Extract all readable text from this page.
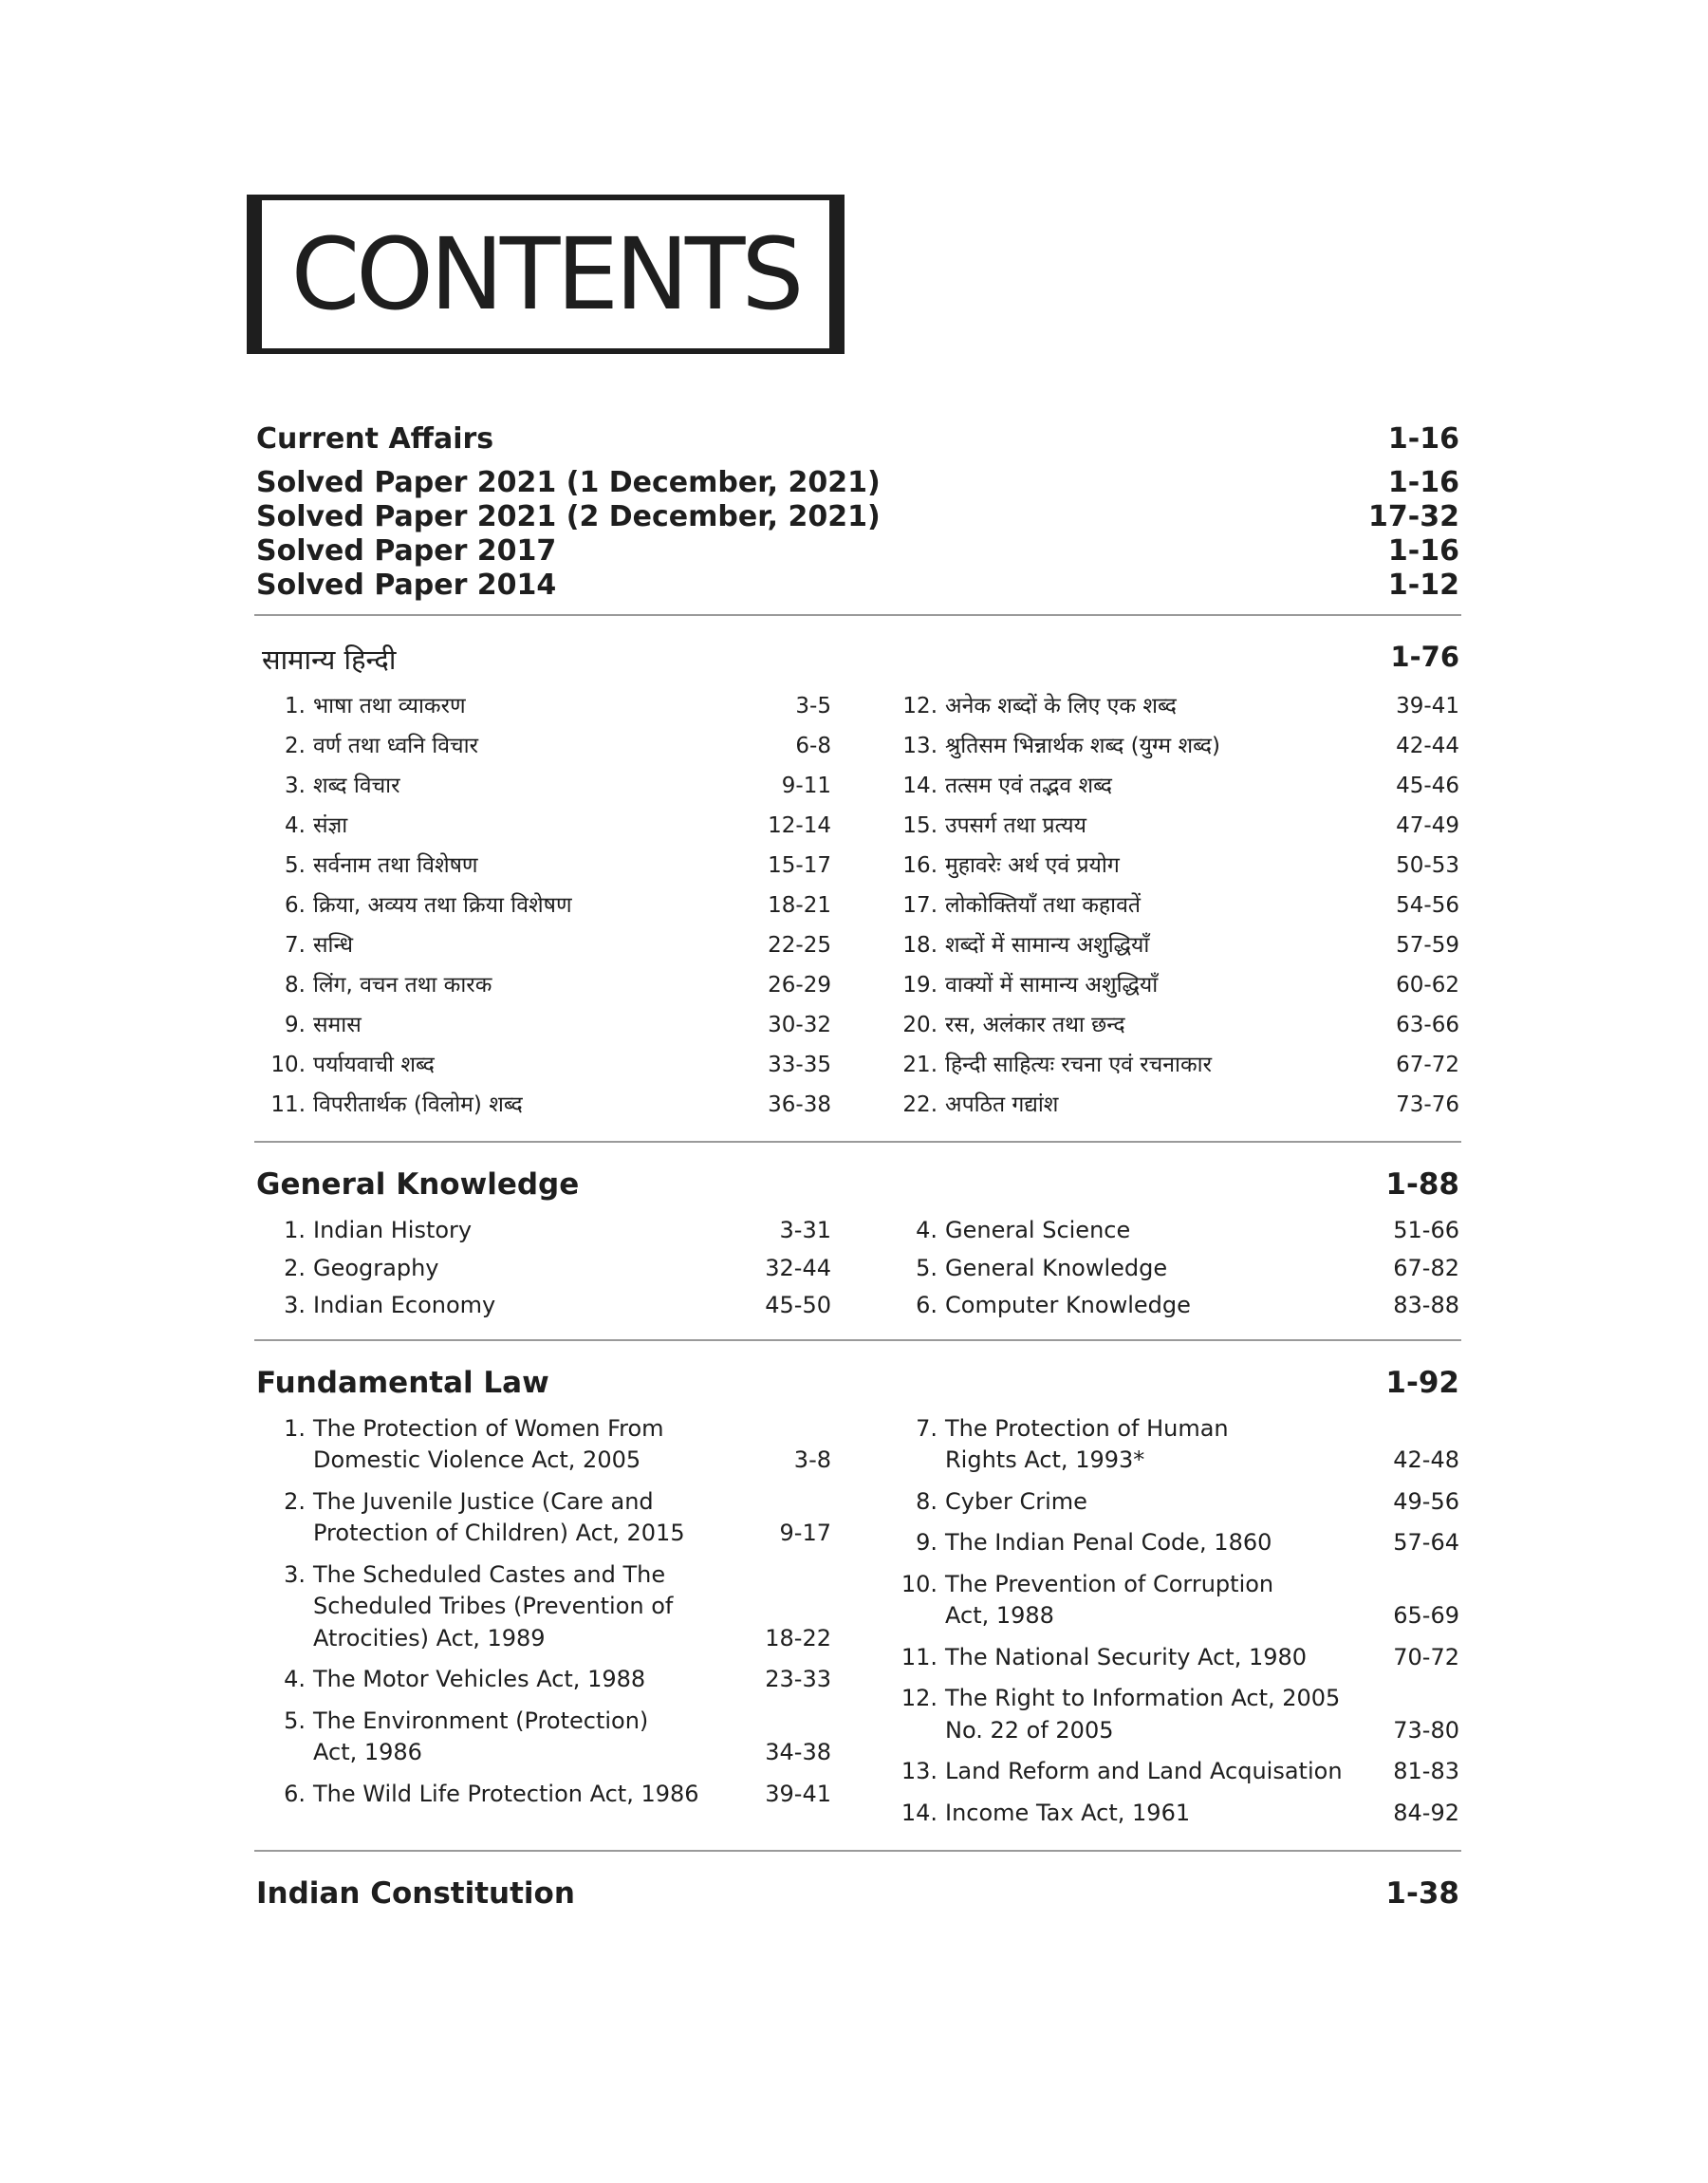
CONTENTS
Current Affairs	1-16
Solved Paper 2021 (1 December, 2021)	1-16
Solved Paper 2021 (2 December, 2021)	17-32
Solved Paper 2017	1-16
Solved Paper 2014	1-12
सामान्य हिन्दी	1-76
1. भाषा तथा व्याकरण	3-5
2. वर्ण तथा ध्वनि विचार	6-8
3. शब्द विचार	9-11
4. संज्ञा	12-14
5. सर्वनाम तथा विशेषण	15-17
6. क्रिया, अव्यय तथा क्रिया विशेषण	18-21
7. सन्धि	22-25
8. लिंग, वचन तथा कारक	26-29
9. समास	30-32
10. पर्यायवाची शब्द	33-35
11. विपरीतार्थक (विलोम) शब्द	36-38
12. अनेक शब्दों के लिए एक शब्द	39-41
13. श्रुतिसम भिन्नार्थक शब्द (युग्म शब्द)	42-44
14. तत्सम एवं तद्भव शब्द	45-46
15. उपसर्ग तथा प्रत्यय	47-49
16. मुहावरेः अर्थ एवं प्रयोग	50-53
17. लोकोक्तियाँ तथा कहावतें	54-56
18. शब्दों में सामान्य अशुद्धियाँ	57-59
19. वाक्यों में सामान्य अशुद्धियाँ	60-62
20. रस, अलंकार तथा छन्द	63-66
21. हिन्दी साहित्यः रचना एवं रचनाकार	67-72
22. अपठित गद्यांश	73-76
General Knowledge	1-88
1. Indian History	3-31
2. Geography	32-44
3. Indian Economy	45-50
4. General Science	51-66
5. General Knowledge	67-82
6. Computer Knowledge	83-88
Fundamental Law	1-92
1. The Protection of Women From
Domestic Violence Act, 2005	3-8
2. The Juvenile Justice (Care and
Protection of Children) Act, 2015	9-17
3. The Scheduled Castes and The
Scheduled Tribes (Prevention of
Atrocities) Act, 1989	18-22
4. The Motor Vehicles Act, 1988	23-33
5. The Environment (Protection)
Act, 1986	34-38
6. The Wild Life Protection Act, 1986	39-41
7. The Protection of Human
Rights Act, 1993*	42-48
8. Cyber Crime	49-56
9. The Indian Penal Code, 1860	57-64
10. The Prevention of Corruption
Act, 1988	65-69
11. The National Security Act, 1980	70-72
12. The Right to Information Act, 2005
No. 22 of 2005	73-80
13. Land Reform and Land Acquisation	81-83
14. Income Tax Act, 1961	84-92
Indian Constitution	1-38
